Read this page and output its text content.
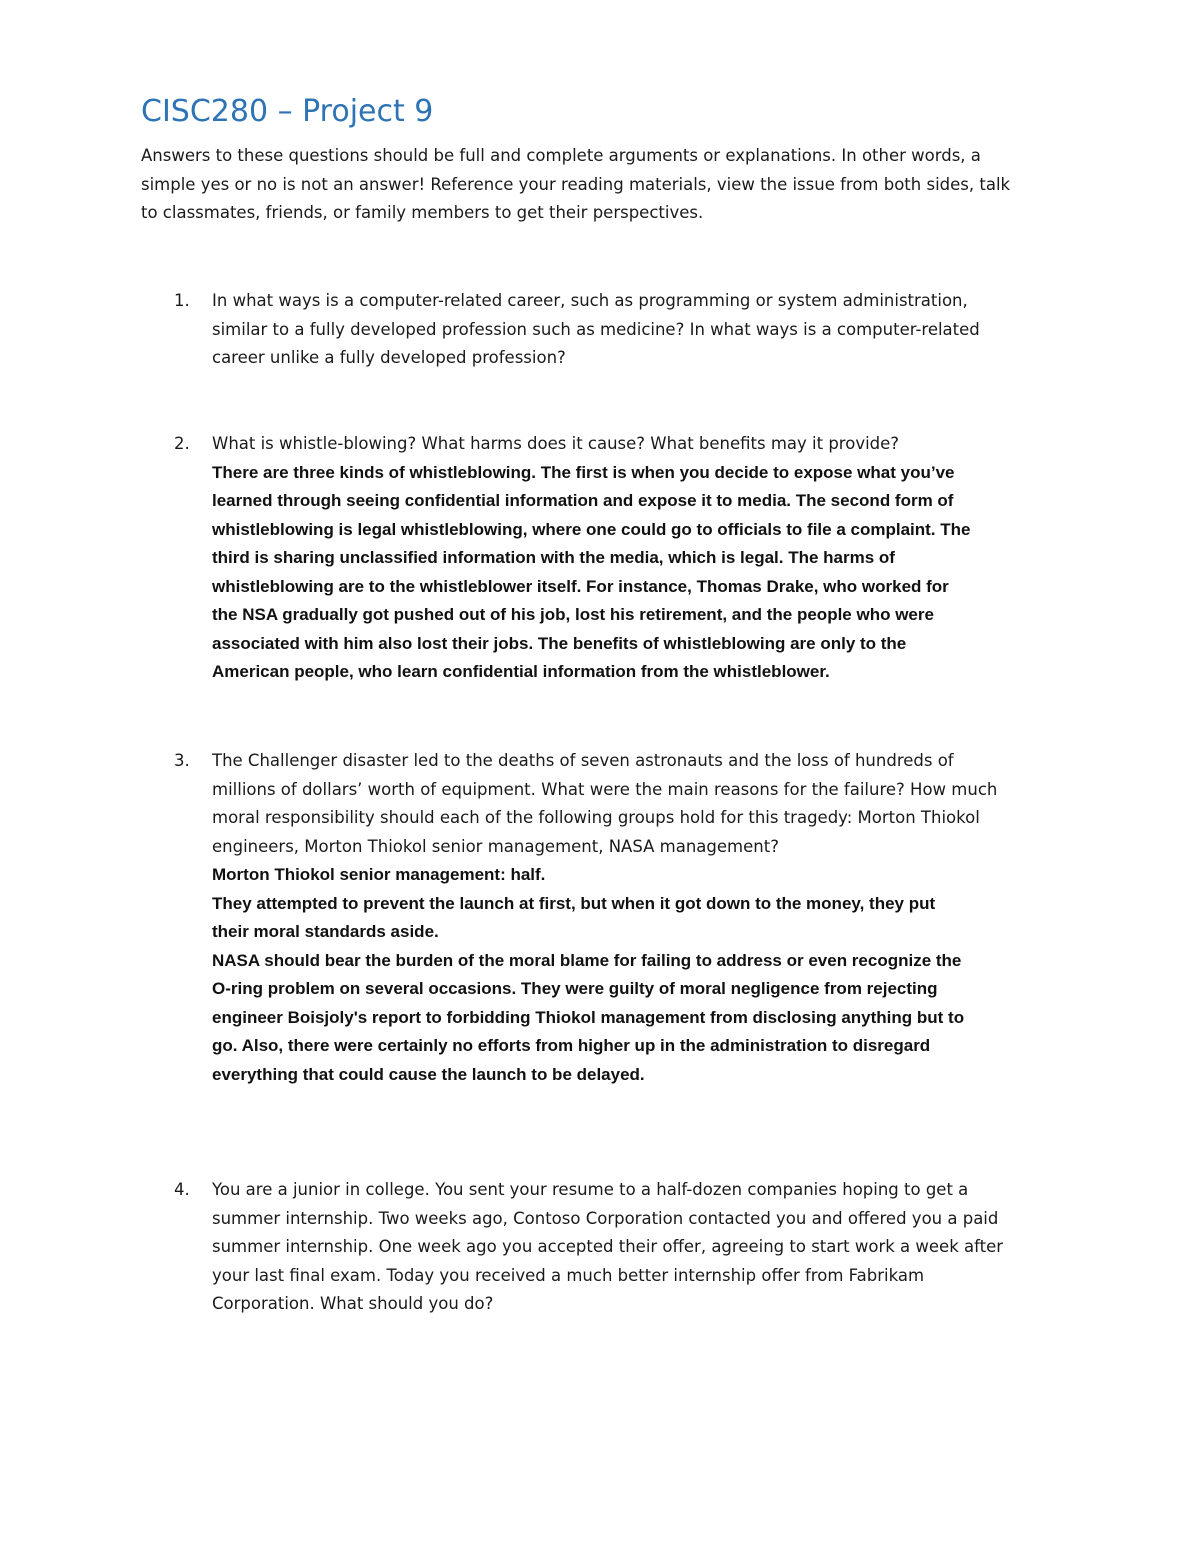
CISC280 – Project 9

Answers to these questions should be full and complete arguments or explanations. In other words, a
simple yes or no is not an answer! Reference your reading materials, view the issue from both sides, talk
to classmates, friends, or family members to get their perspectives.

1.	In what ways is a computer-related career, such as programming or system administration,
similar to a fully developed profession such as medicine? In what ways is a computer-related
career unlike a fully developed profession?
2.	What is whistle-blowing? What harms does it cause? What benefits may it provide?
There are three kinds of whistleblowing. The first is when you decide to expose what you’ve
learned through seeing confidential information and expose it to media. The second form of
whistleblowing is legal whistleblowing, where one could go to officials to file a complaint. The
third is sharing unclassified information with the media, which is legal. The harms of
whistleblowing are to the whistleblower itself. For instance, Thomas Drake, who worked for
the NSA gradually got pushed out of his job, lost his retirement, and the people who were
associated with him also lost their jobs. The benefits of whistleblowing are only to the
American people, who learn confidential information from the whistleblower.
3.	The Challenger disaster led to the deaths of seven astronauts and the loss of hundreds of
millions of dollars’ worth of equipment. What were the main reasons for the failure? How much
moral responsibility should each of the following groups hold for this tragedy: Morton Thiokol
engineers, Morton Thiokol senior management, NASA management?
Morton Thiokol senior management: half.
They attempted to prevent the launch at first, but when it got down to the money, they put
their moral standards aside.
NASA should bear the burden of the moral blame for failing to address or even recognize the
O-ring problem on several occasions. They were guilty of moral negligence from rejecting
engineer Boisjoly's report to forbidding Thiokol management from disclosing anything but to
go. Also, there were certainly no efforts from higher up in the administration to disregard
everything that could cause the launch to be delayed.
4.	You are a junior in college. You sent your resume to a half-dozen companies hoping to get a
summer internship. Two weeks ago, Contoso Corporation contacted you and offered you a paid
summer internship. One week ago you accepted their offer, agreeing to start work a week after
your last final exam. Today you received a much better internship offer from Fabrikam
Corporation. What should you do?
